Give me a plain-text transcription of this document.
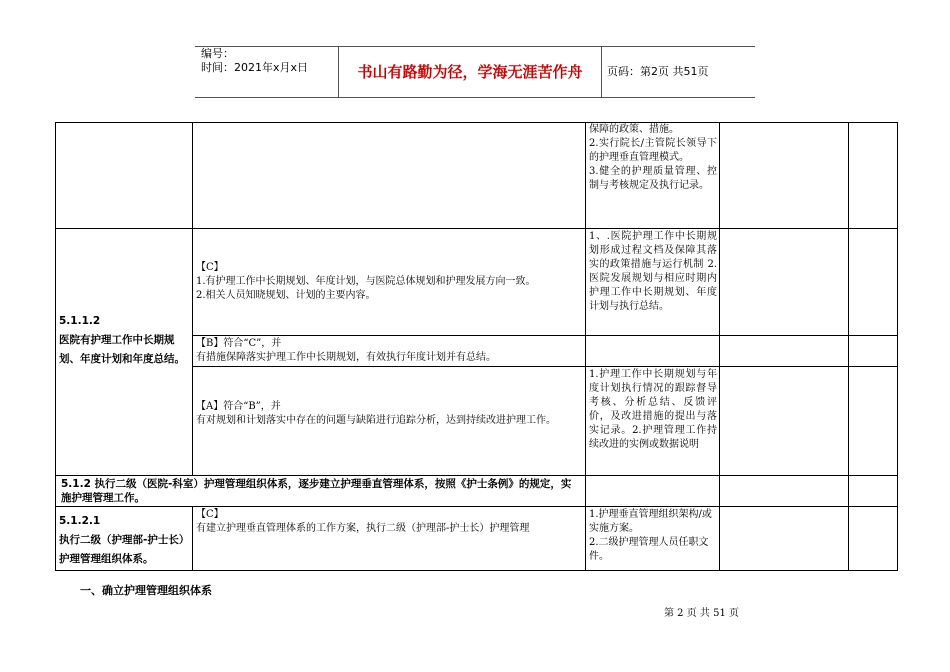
编号：
时间：2021年x月x日	书山有路勤为径，学海无涯苦作舟	页码：第2页 共51页

保障的政策、措施。

2.实行院长/主管院长领导下的护理垂直管理模式。

3.健全的护理质量管理、控制与考核规定及执行记录。

5.1.1.2
医院有护理工作中长期规划、年度计划和年度总结。

【C】

1.有护理工作中长期规划、年度计划，与医院总体规划和护理发展方向一致。

2.相关人员知晓规划、计划的主要内容。

1、.医院护理工作中长期规划形成过程文档及保障其落实的政策措施与运行机制 2.医院发展规划与相应时期内护理工作中长期规划、年度计划与执行总结。

【B】符合“C”，并

有措施保障落实护理工作中长期规划，有效执行年度计划并有总结。

【A】符合“B”，并

有对规划和计划落实中存在的问题与缺陷进行追踪分析，达到持续改进护理工作。

1.护理工作中长期规划与年度计划执行情况的跟踪督导考核、分析总结、反馈评价，及改进措施的提出与落实记录。2.护理管理工作持续改进的实例或数据说明
5.1.2 执行二级（医院-科室）护理管理组织体系，逐步建立护理垂直管理体系，按照《护士条例》的规定，实施护理管理工作。
5.1.2.1
执行二级（护理部-护士长）护理管理组织体系。

【C】

有建立护理垂直管理体系的工作方案，执行二级（护理部-护士长）护理管理

1.护理垂直管理组织架构/或实施方案。

2.二级护理管理人员任职文件。

一、确立护理管理组织体系
第 2 页 共 51 页
